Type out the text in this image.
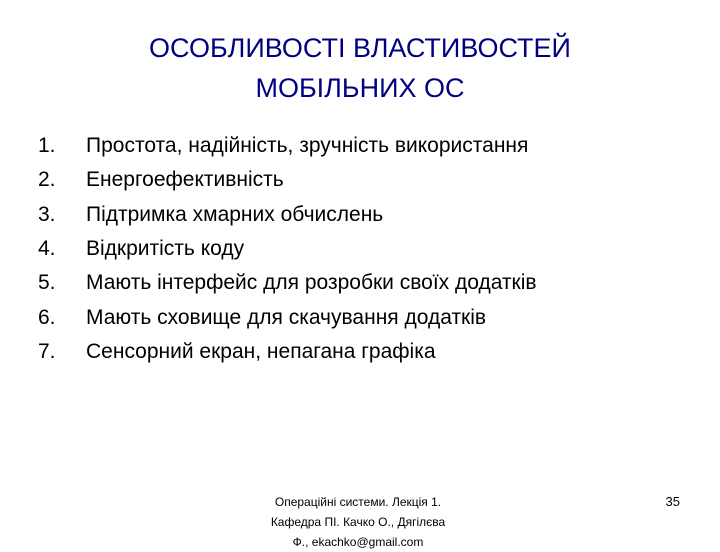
ОСОБЛИВОСТІ ВЛАСТИВОСТЕЙ
МОБІЛЬНИХ ОС
1.	Простота, надійність, зручність використання
2.	Енергоефективність
3.	Підтримка хмарних обчислень
4.	Відкритість коду
5.	Мають інтерфейс для розробки своїх додатків
6.	Мають сховище для скачування додатків
7.	Сенсорний екран, непагана графіка
Операційні системи. Лекція 1.
Кафедра ПІ. Качко О., Дягілєва
Ф., ekachko@gmail.com
35
